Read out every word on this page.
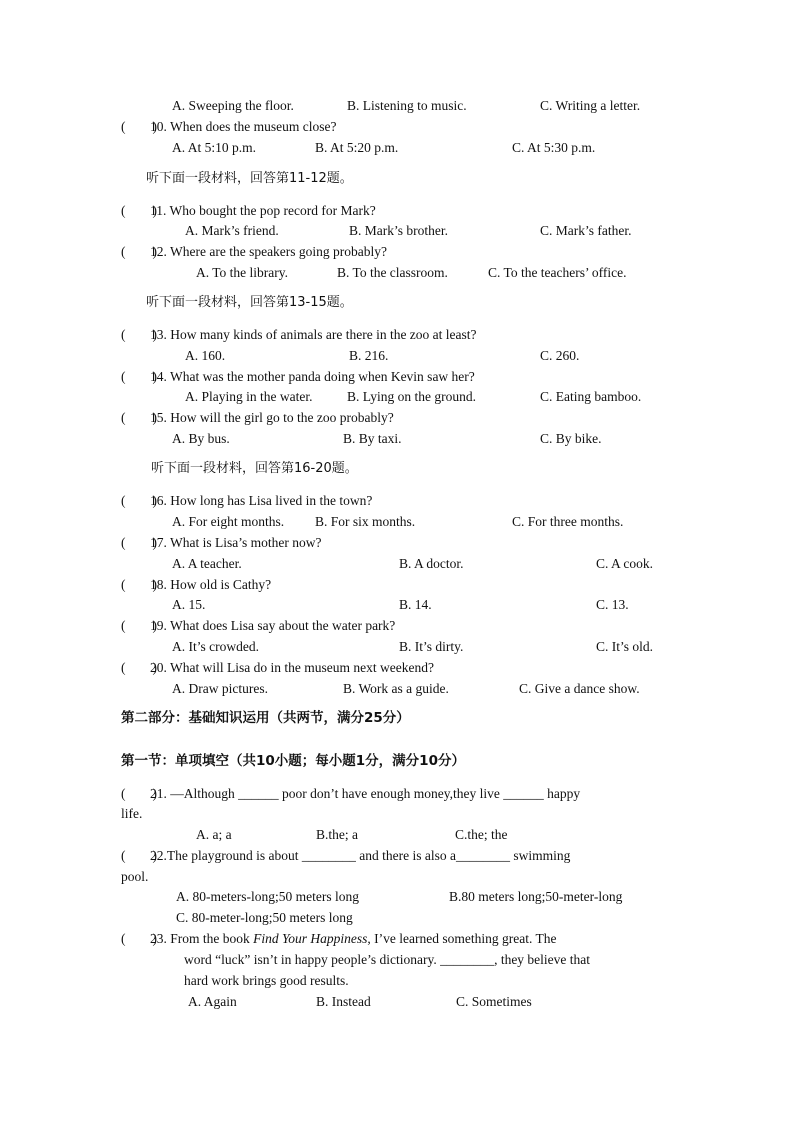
A. Sweeping the floor.	B. Listening to music.	C. Writing a letter.
(        )
10. When does the museum close?
A. At 5:10 p.m.	B. At 5:20 p.m.	C. At 5:30 p.m.
听下面一段材料，回答第11-12题。
(        )
11. Who bought the pop record for Mark?
A. Mark’s friend.	B. Mark’s brother.	C. Mark’s father.
(        )
12. Where are the speakers going probably?
A. To the library.	B. To the classroom.	C. To the teachers’ office.
听下面一段材料，回答第13-15题。
(        )
13. How many kinds of animals are there in the zoo at least?
A. 160.	B. 216.	C. 260.
(        )
14. What was the mother panda doing when Kevin saw her?
A. Playing in the water.	B. Lying on the ground.	C. Eating bamboo.
(        )
15. How will the girl go to the zoo probably?
A. By bus.	B. By taxi.	C. By bike.
听下面一段材料，回答第16-20题。
(        )
16. How long has Lisa lived in the town?
A. For eight months. B. For six months.	C. For three months.
(        )
17. What is Lisa’s mother now?
A. A teacher.	B. A doctor.	C. A cook.
(        )
18. How old is Cathy?
A. 15.	B. 14.	C. 13.
(        )
19. What does Lisa say about the water park?
A. It’s crowded.	B. It’s dirty.	C. It’s old.
(        )
20. What will Lisa do in the museum next weekend?
A. Draw pictures.	B. Work as a guide.	C. Give a dance show.
第二部分：基础知识运用（共两节，满分25分）
第一节：单项填空（共10小题；每小题1分，满分10分）
(        )
21. —Although ______ poor don’t have enough money,they live ______ happy
life.
A. a; a	B.the; a	C.the; the
(        )
22.The playground is about ________ and there is also a________ swimming
pool.
A. 80-meters-long;50 meters long	B.80 meters long;50-meter-long
C. 80-meter-long;50 meters long
(        )
23. From the book Find Your Happiness, I’ve learned something great. The
word “luck” isn’t in happy people’s dictionary. ________, they believe that
hard work brings good results.
A. Again	B. Instead	C. Sometimes
